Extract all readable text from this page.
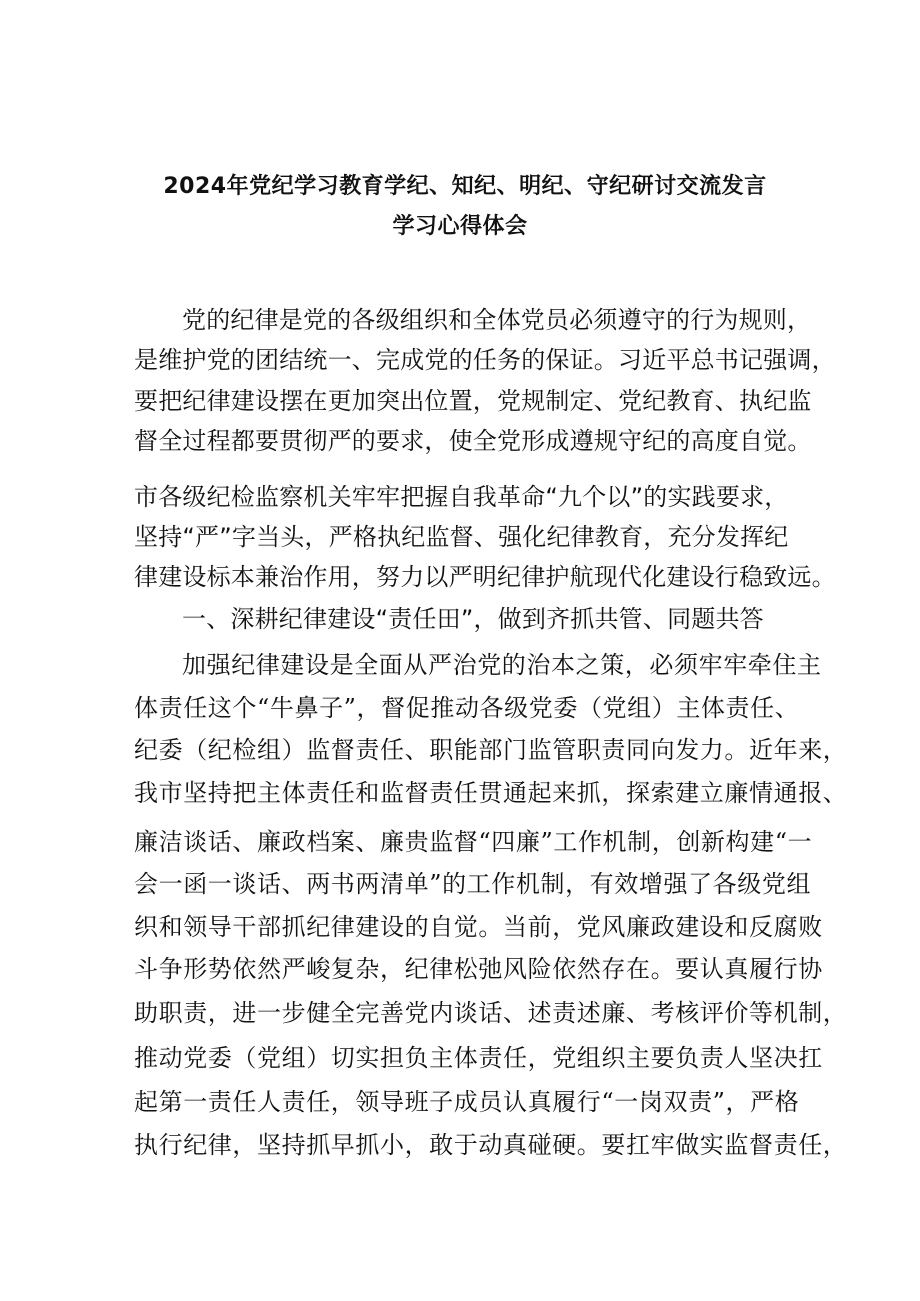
2024年党纪学习教育学纪、知纪、明纪、守纪研讨交流发言
学习心得体会
党的纪律是党的各级组织和全体党员必须遵守的行为规则，
是维护党的团结统一、完成党的任务的保证。习近平总书记强调，
要把纪律建设摆在更加突出位置，党规制定、党纪教育、执纪监
督全过程都要贯彻严的要求，使全党形成遵规守纪的高度自觉。
市各级纪检监察机关牢牢把握自我革命“九个以”的实践要求，
坚持“严”字当头，严格执纪监督、强化纪律教育，充分发挥纪
律建设标本兼治作用，努力以严明纪律护航现代化建设行稳致远。
一、深耕纪律建设“责任田”，做到齐抓共管、同题共答
加强纪律建设是全面从严治党的治本之策，必须牢牢牵住主
体责任这个“牛鼻子”，督促推动各级党委（党组）主体责任、
纪委（纪检组）监督责任、职能部门监管职责同向发力。近年来，
我市坚持把主体责任和监督责任贯通起来抓，探索建立廉情通报、
廉洁谈话、廉政档案、廉贵监督“四廉”工作机制，创新构建“一
会一函一谈话、两书两清单”的工作机制，有效增强了各级党组
织和领导干部抓纪律建设的自觉。当前，党风廉政建设和反腐败
斗争形势依然严峻复杂，纪律松弛风险依然存在。要认真履行协
助职责，进一步健全完善党内谈话、述责述廉、考核评价等机制，
推动党委（党组）切实担负主体责任，党组织主要负责人坚决扛
起第一责任人责任，领导班子成员认真履行“一岗双责”，严格
执行纪律，坚持抓早抓小，敢于动真碰硬。要扛牢做实监督责任，
